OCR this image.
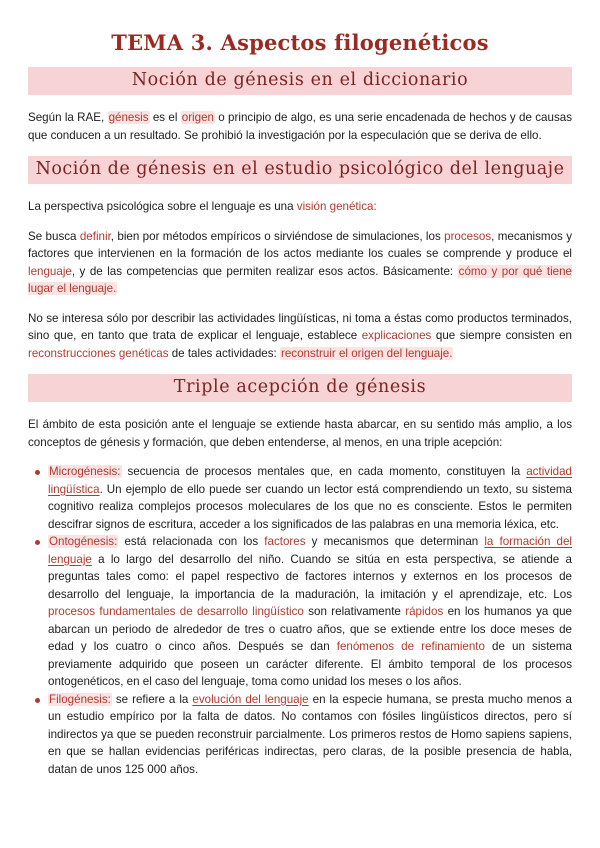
TEMA 3. Aspectos filogenéticos
Noción de génesis en el diccionario

Según la RAE, génesis es el origen o principio de algo, es una serie encadenada de hechos y de causas que conducen a un resultado. Se prohibió la investigación por la especulación que se deriva de ello.

Noción de génesis en el estudio psicológico del lenguaje

La perspectiva psicológica sobre el lenguaje es una visión genética:

Se busca definir, bien por métodos empíricos o sirviéndose de simulaciones, los procesos, mecanismos y factores que intervienen en la formación de los actos mediante los cuales se comprende y produce el lenguaje, y de las competencias que permiten realizar esos actos. Básicamente: cómo y por qué tiene lugar el lenguaje.

No se interesa sólo por describir las actividades lingüísticas, ni toma a éstas como productos terminados, sino que, en tanto que trata de explicar el lenguaje, establece explicaciones que siempre consisten en reconstrucciones genéticas de tales actividades: reconstruir el origen del lenguaje.

Triple acepción de génesis

El ámbito de esta posición ante el lenguaje se extiende hasta abarcar, en su sentido más amplio, a los conceptos de génesis y formación, que deben entenderse, al menos, en una triple acepción:

Microgénesis: secuencia de procesos mentales que, en cada momento, constituyen la actividad lingüística. Un ejemplo de ello puede ser cuando un lector está comprendiendo un texto, su sistema cognitivo realiza complejos procesos moleculares de los que no es consciente. Estos le permiten descifrar signos de escritura, acceder a los significados de las palabras en una memoria léxica, etc.
Ontogénesis: está relacionada con los factores y mecanismos que determinan la formación del lenguaje a lo largo del desarrollo del niño. Cuando se sitúa en esta perspectiva, se atiende a preguntas tales como: el papel respectivo de factores internos y externos en los procesos de desarrollo del lenguaje, la importancia de la maduración, la imitación y el aprendizaje, etc. Los procesos fundamentales de desarrollo lingüístico son relativamente rápidos en los humanos ya que abarcan un periodo de alrededor de tres o cuatro años, que se extiende entre los doce meses de edad y los cuatro o cinco años. Después se dan fenómenos de refinamiento de un sistema previamente adquirido que poseen un carácter diferente. El ámbito temporal de los procesos ontogenéticos, en el caso del lenguaje, toma como unidad los meses o los años.
Filogénesis: se refiere a la evolución del lenguaje en la especie humana, se presta mucho menos a un estudio empírico por la falta de datos. No contamos con fósiles lingüísticos directos, pero sí indirectos ya que se pueden reconstruir parcialmente. Los primeros restos de Homo sapiens sapiens, en que se hallan evidencias periféricas indirectas, pero claras, de la posible presencia de habla, datan de unos 125 000 años.
